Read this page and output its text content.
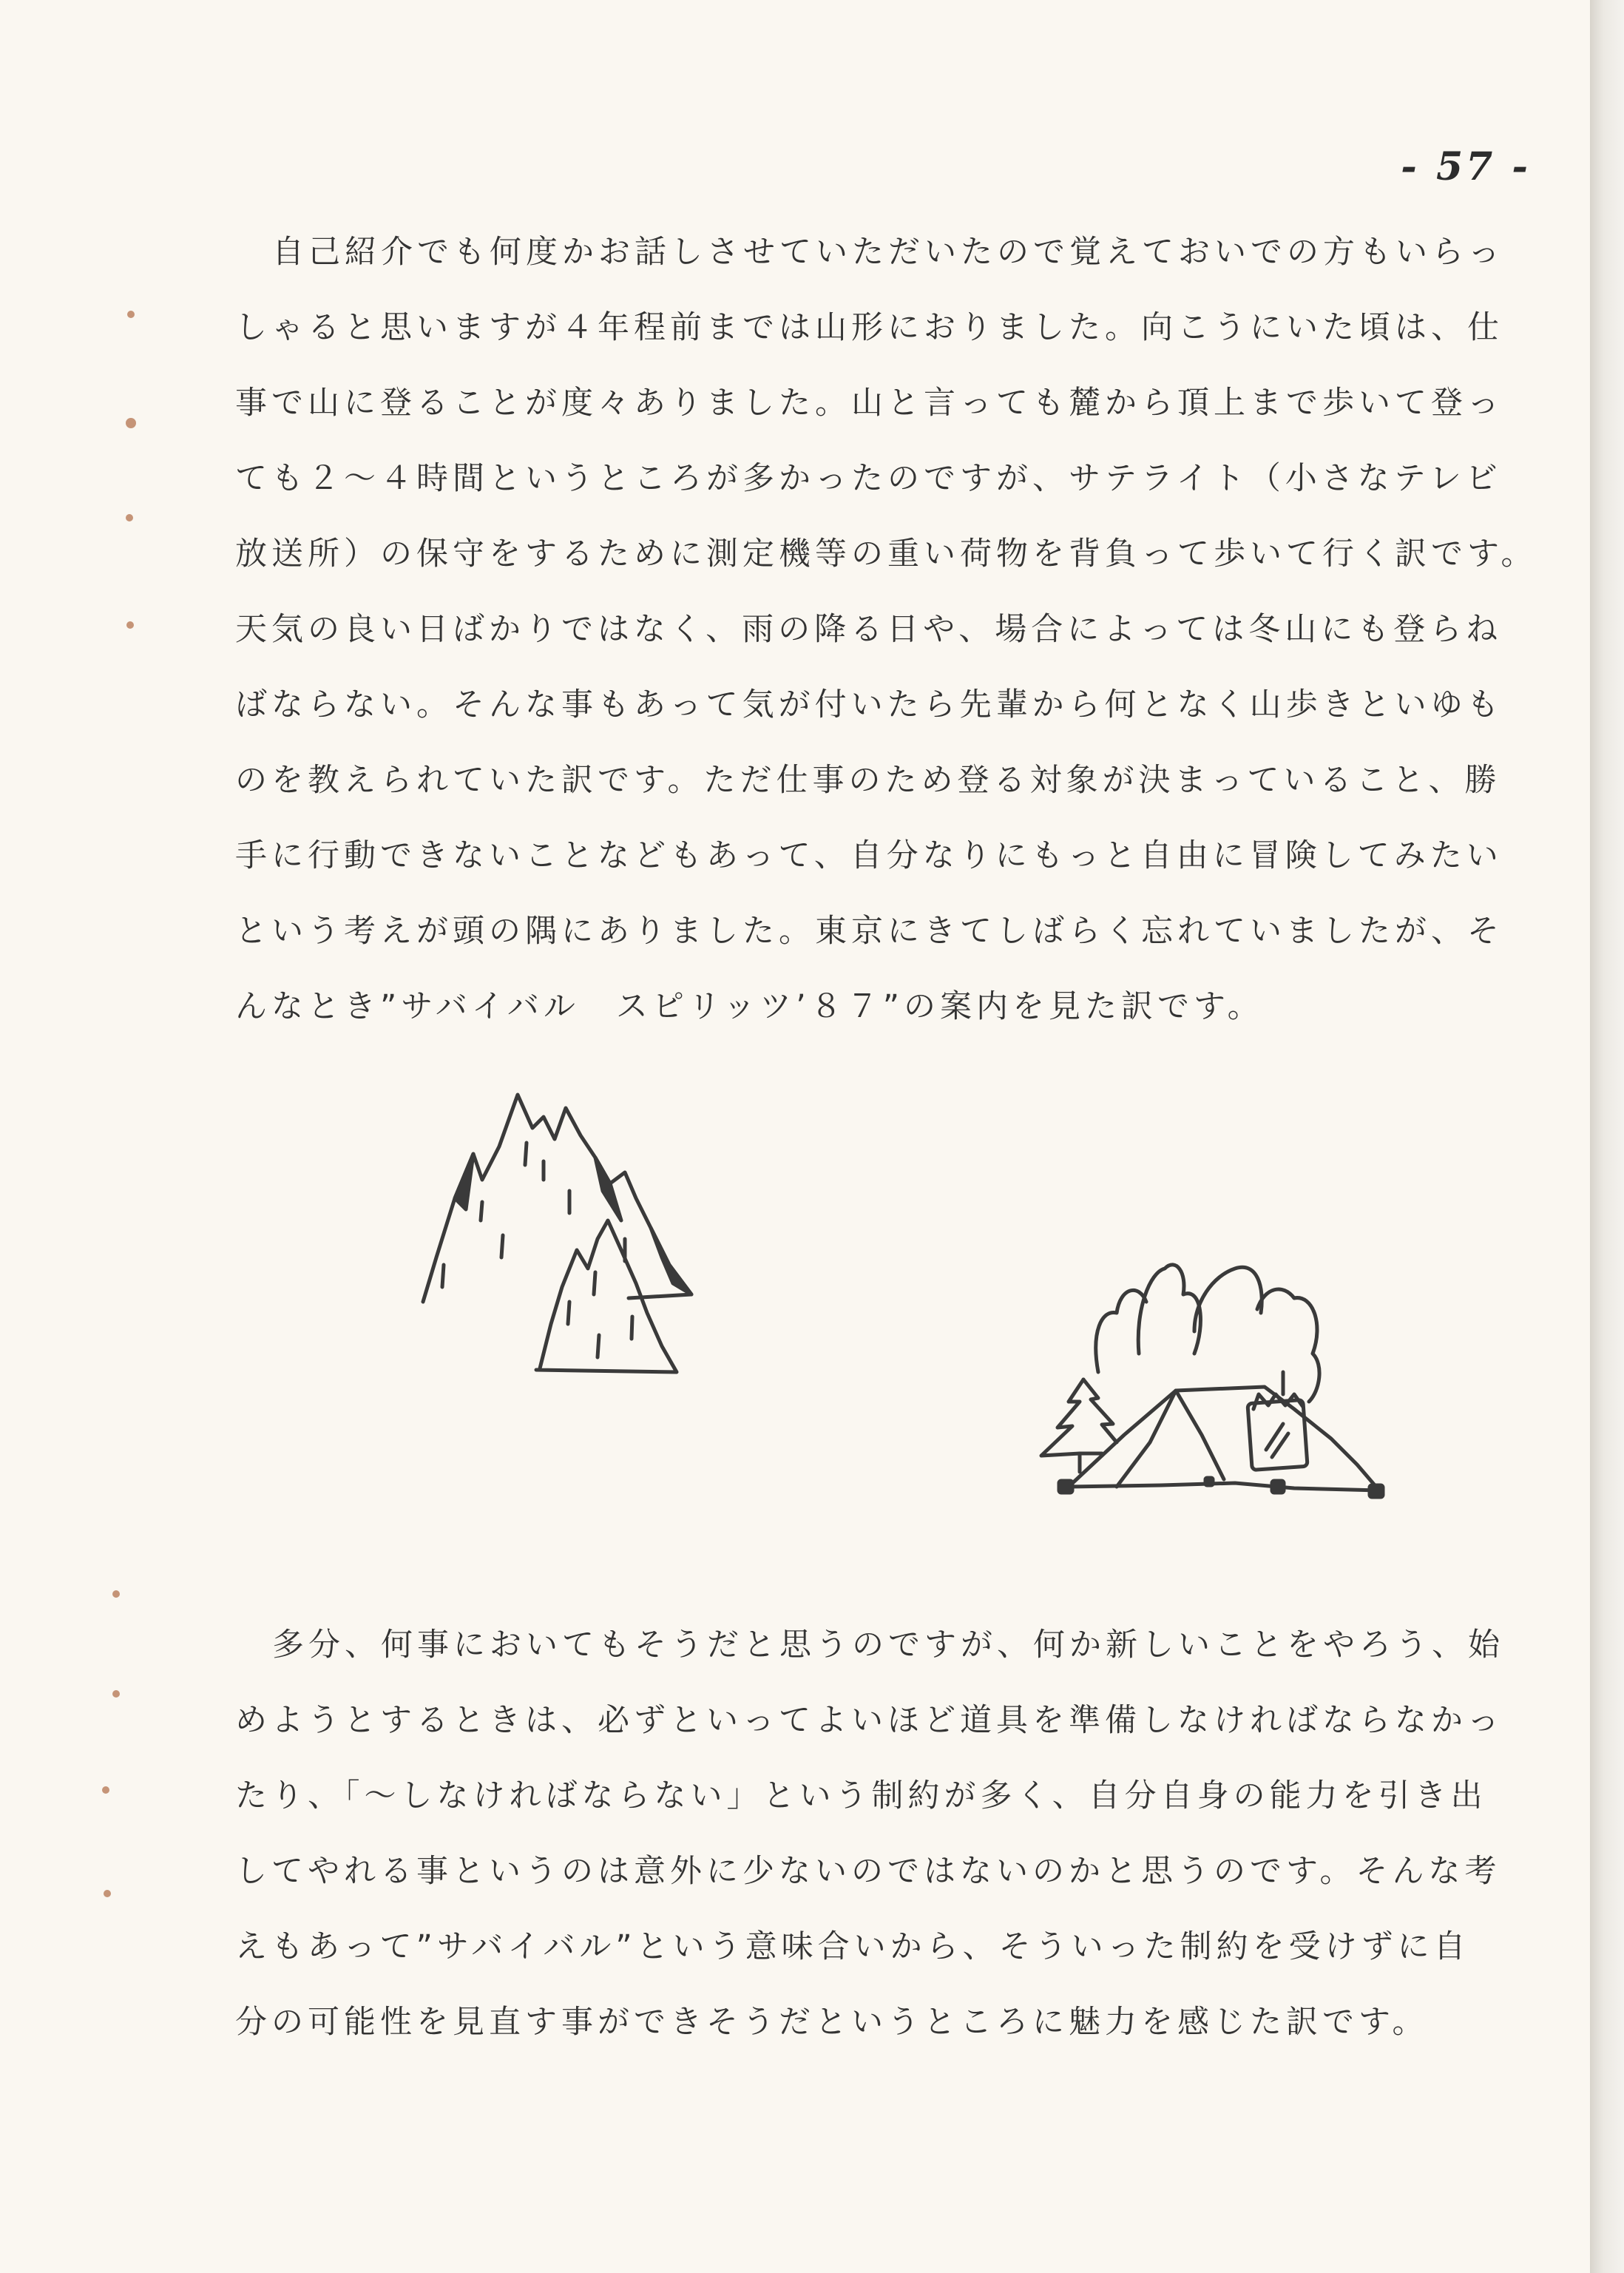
- 57 -
自己紹介でも何度かお話しさせていただいたので覚えておいでの方もいらっ
しゃると思いますが４年程前までは山形におりました。向こうにいた頃は、仕
事で山に登ることが度々ありました。山と言っても麓から頂上まで歩いて登っ
ても２～４時間というところが多かったのですが、サテライト（小さなテレビ
放送所）の保守をするために測定機等の重い荷物を背負って歩いて行く訳です。
天気の良い日ばかりではなく、雨の降る日や、場合によっては冬山にも登らね
ばならない。そんな事もあって気が付いたら先輩から何となく山歩きといゆも
のを教えられていた訳です。ただ仕事のため登る対象が決まっていること、勝
手に行動できないことなどもあって、自分なりにもっと自由に冒険してみたい
という考えが頭の隅にありました。東京にきてしばらく忘れていましたが、そ
んなとき”サバイバル　スピリッツ’８７”の案内を見た訳です。
多分、何事においてもそうだと思うのですが、何か新しいことをやろう、始
めようとするときは、必ずといってよいほど道具を準備しなければならなかっ
たり、「～しなければならない」という制約が多く、自分自身の能力を引き出
してやれる事というのは意外に少ないのではないのかと思うのです。そんな考
えもあって”サバイバル”という意味合いから、そういった制約を受けずに自
分の可能性を見直す事ができそうだというところに魅力を感じた訳です。
